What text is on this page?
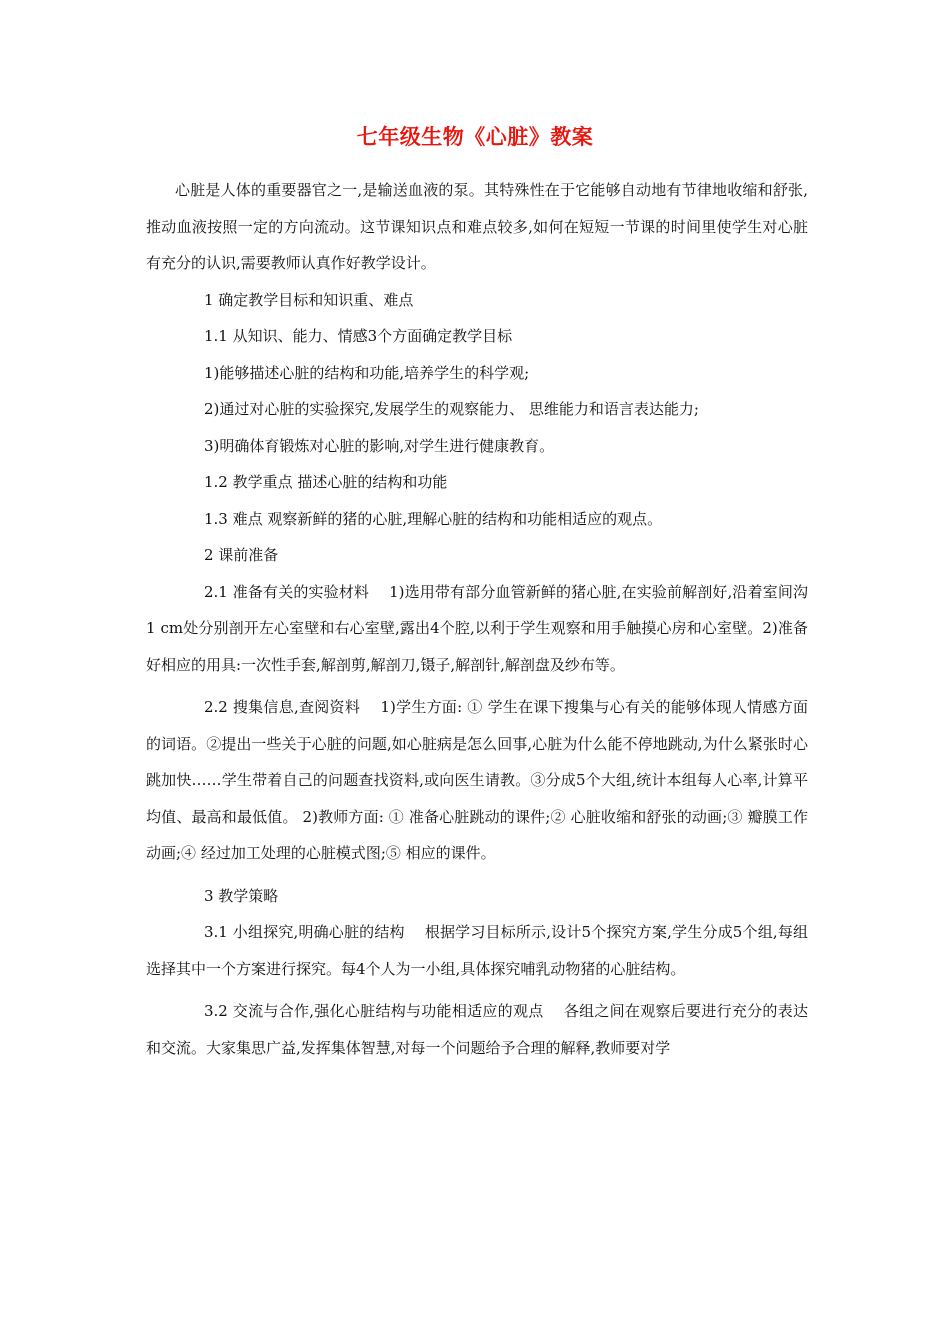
七年级生物《心脏》教案

心脏是人体的重要器官之一,是输送血液的泵。其特殊性在于它能够自动地有节律地收缩和舒张,推动血液按照一定的方向流动。这节课知识点和难点较多,如何在短短一节课的时间里使学生对心脏有充分的认识,需要教师认真作好教学设计。

1 确定教学目标和知识重、难点

1.1 从知识、能力、情感3个方面确定教学目标

1)能够描述心脏的结构和功能,培养学生的科学观;

2)通过对心脏的实验探究,发展学生的观察能力、 思维能力和语言表达能力;

3)明确体育锻炼对心脏的影响,对学生进行健康教育。

1.2 教学重点 描述心脏的结构和功能

1.3 难点 观察新鲜的猪的心脏,理解心脏的结构和功能相适应的观点。

2 课前准备

2.1 准备有关的实验材料　 1)选用带有部分血管新鲜的猪心脏,在实验前解剖好,沿着室间沟1 cm处分别剖开左心室壁和右心室壁,露出4个腔,以利于学生观察和用手触摸心房和心室壁。2)准备好相应的用具:一次性手套,解剖剪,解剖刀,镊子,解剖针,解剖盘及纱布等。

2.2 搜集信息,查阅资料　 1)学生方面: ① 学生在课下搜集与心有关的能够体现人情感方面的词语。②提出一些关于心脏的问题,如心脏病是怎么回事,心脏为什么能不停地跳动,为什么紧张时心跳加快……学生带着自己的问题查找资料,或向医生请教。③分成5个大组,统计本组每人心率,计算平均值、最高和最低值。 2)教师方面: ① 准备心脏跳动的课件;② 心脏收缩和舒张的动画;③ 瓣膜工作动画;④ 经过加工处理的心脏模式图;⑤ 相应的课件。

3 教学策略

3.1 小组探究,明确心脏的结构　 根据学习目标所示,设计5个探究方案,学生分成5个组,每组选择其中一个方案进行探究。每4个人为一小组,具体探究哺乳动物猪的心脏结构。

3.2 交流与合作,强化心脏结构与功能相适应的观点　 各组之间在观察后要进行充分的表达和交流。大家集思广益,发挥集体智慧,对每一个问题给予合理的解释,教师要对学
